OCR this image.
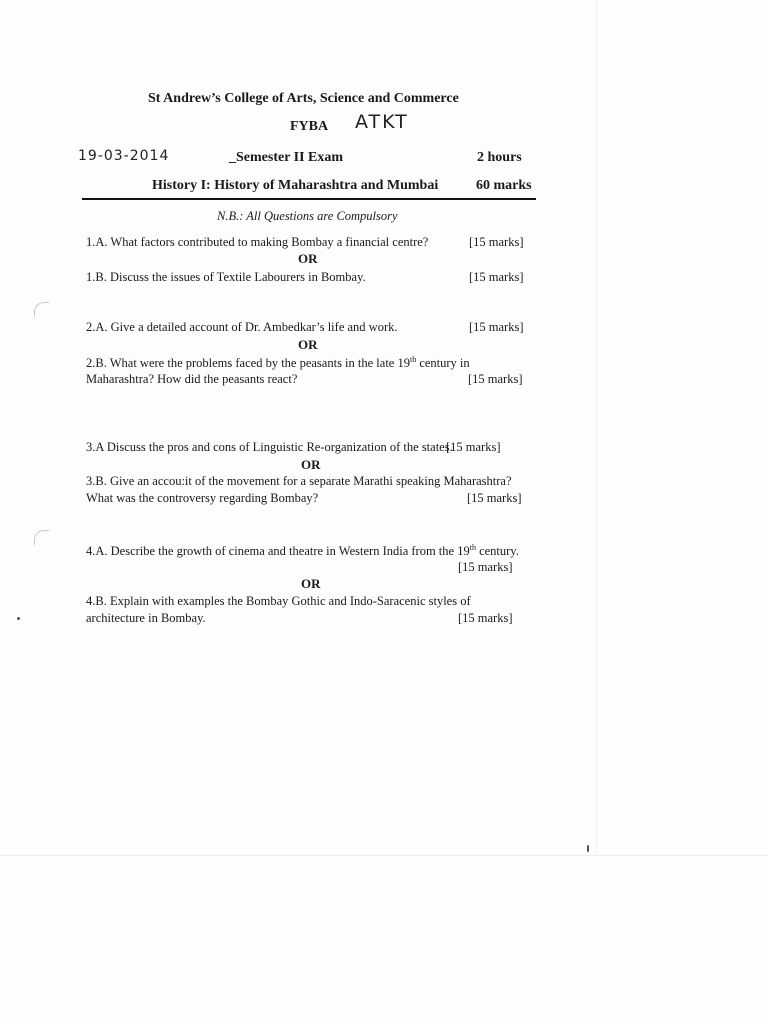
St Andrew’s College of Arts, Science and Commerce
FYBA ATKT
19-03-2014	_Semester II Exam	2 hours
History I: History of Maharashtra and Mumbai	60 marks
N.B.: All Questions are Compulsory
1.A. What factors contributed to making Bombay a financial centre?	[15 marks]
OR
1.B. Discuss the issues of Textile Labourers in Bombay.	[15 marks]
2.A. Give a detailed account of Dr. Ambedkar’s life and work.	[15 marks]
OR
2.B. What were the problems faced by the peasants in the late 19th century in
Maharashtra? How did the peasants react?	[15 marks]
3.A Discuss the pros and cons of Linguistic Re-organization of the states.
[15 marks]
OR
3.B. Give an accou:it of the movement for a separate Marathi speaking Maharashtra?
What was the controversy regarding Bombay?	[15 marks]
4.A. Describe the growth of cinema and theatre in Western India from the 19th century.
[15 marks]
OR
4.B. Explain with examples the Bombay Gothic and Indo-Saracenic styles of
architecture in Bombay.	[15 marks]
